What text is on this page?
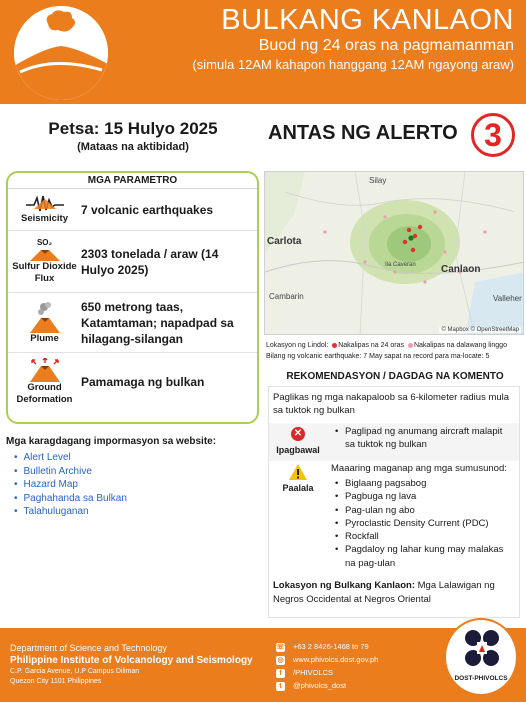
BULKANG KANLAON
Buod ng 24 oras na pagmamanman
(simula 12AM kahapon hanggang 12AM ngayong araw)
Petsa: 15 Hulyo 2025
(Mataas na aktibidad)
ANTAS NG ALERTO 3
MGA PARAMETRO
Seismicity
7 volcanic earthquakes
SO₂
Sulfur Dioxide Flux
2303 tonelada / araw (14 Hulyo 2025)
Plume
650 metrong taas, Katamtaman; napadpad sa hilagang-silangan
Ground Deformation
Pamamaga ng bulkan
Mga karagdagang impormasyon sa website:
• Alert Level
• Bulletin Archive
• Hazard Map
• Paghahanda sa Bulkan
• Talahuluganan
Silay
Carlota
Canlaon
Valleher
Cambarin
Ila Caveran
© Mapbox © OpenStreetMap
Lokasyon ng Lindol: Nakalipas na 24 oras Nakalipas na dalawang linggo
Bilang ng volcanic earthquake: 7 May sapat na record para ma-locate: 5
REKOMENDASYON / DAGDAG NA KOMENTO
Paglikas ng mga nakapaloob sa 6-kilometer radius mula sa tuktok ng bulkan
✕
Ipagbawal
• Paglipad ng anumang aircraft malapit sa tuktok ng bulkan
Paalala
Maaaring maganap ang mga sumusunod:
• Biglaang pagsabog
• Pagbuga ng lava
• Pag-ulan ng abo
• Pyroclastic Density Current (PDC)
• Rockfall
• Pagdaloy ng lahar kung may malakas na pag-ulan
Lokasyon ng Bulkang Kanlaon: Mga Lalawigan ng Negros Occidental at Negros Oriental
Department of Science and Technology
Philippine Institute of Volcanology and Seismology
C.P. Garcia Avenue, U.P Campus Diliman
Quezon City 1101 Philippines
☏ +63 2 8426-1468 to 79
◎ www.phivolcs.dost.gov.ph
f /PHIVOLCS
t @phivolcs_dost
DOST-PHIVOLCS
